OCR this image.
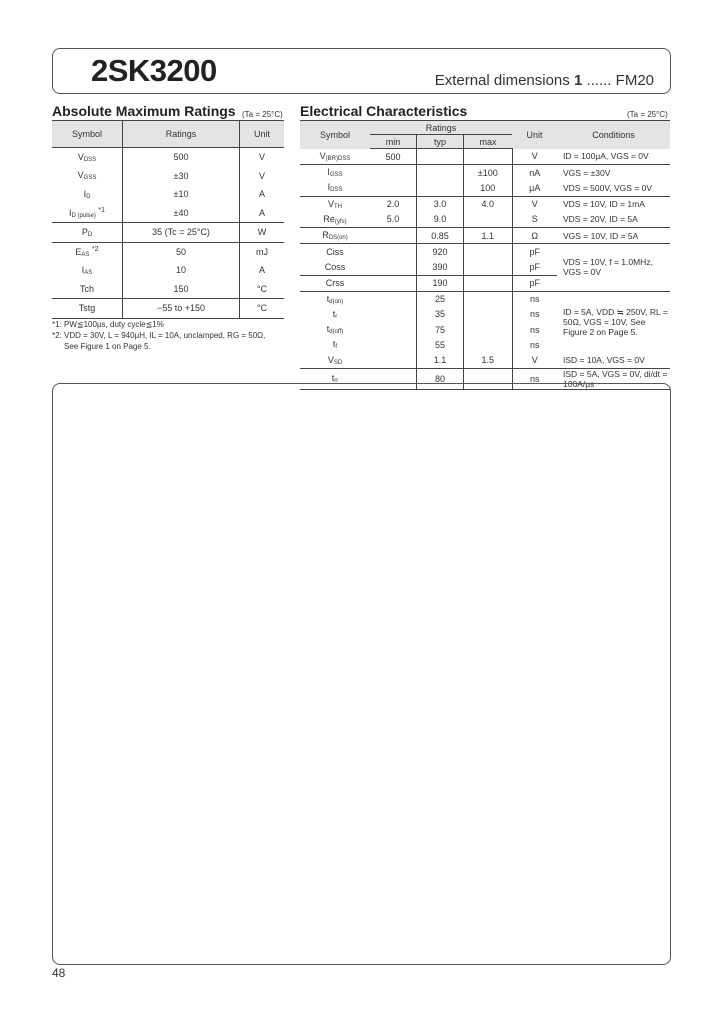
2SK3200	External dimensions 1 ...... FM20
Absolute Maximum Ratings (Ta = 25°C)
Symbol	Ratings	Unit
$V_{DSS}$	500	V
$V_{GSS}$	±30	V
$I_D$	±10	A
$I_{D (pulse)}$ $^{*1}$	±40	A
$P_D$	35 (Tc = 25°C)	W
$E_{AS}$ $^{*2}$	50	mJ
$I_{AS}$	10	A
Tch	150	°C
Tstg	−55 to +150	°C
*1: PW≦100μs, duty cycle≦1%
*2: VDD = 30V, L = 940μH, IL = 10A, unclamped, RG = 50Ω,
See Figure 1 on Page 5.
Electrical Characteristics	(Ta = 25°C)
Symbol	Ratings			Unit	Conditions
	min	typ	max		
$V_{(BR)DSS}$	500			V	ID = 100μA, VGS = 0V
$I_{GSS}$			±100	nA	VGS = ±30V
$I_{DSS}$			100	μA	VDS = 500V, VGS = 0V
$V_{TH}$	2.0	3.0	4.0	V	VDS = 10V, ID = 1mA
$Re_{(yfs)}$	5.0	9.0		S	VDS = 20V, ID = 5A
$R_{DS(on)}$		0.85	1.1	Ω	VGS = 10V, ID = 5A
Ciss		920		pF	VDS = 10V, f = 1.0MHz, VGS = 0V
Coss		390		pF	
Crss		190		pF	
$t_{d(on)}$		25		ns	ID = 5A, VDD ≒ 250V, RL = 50Ω, VGS = 10V, See Figure 2 on Page 5.
$t_r$		35		ns	
$t_{d(off)}$		75		ns	
$t_f$		55		ns	
$V_{SD}$		1.1	1.5	V	ISD = 10A, VGS = 0V
$t_{rr}$		80		ns	ISD = 5A, VGS = 0V, di/dt = 100A/μs
48
